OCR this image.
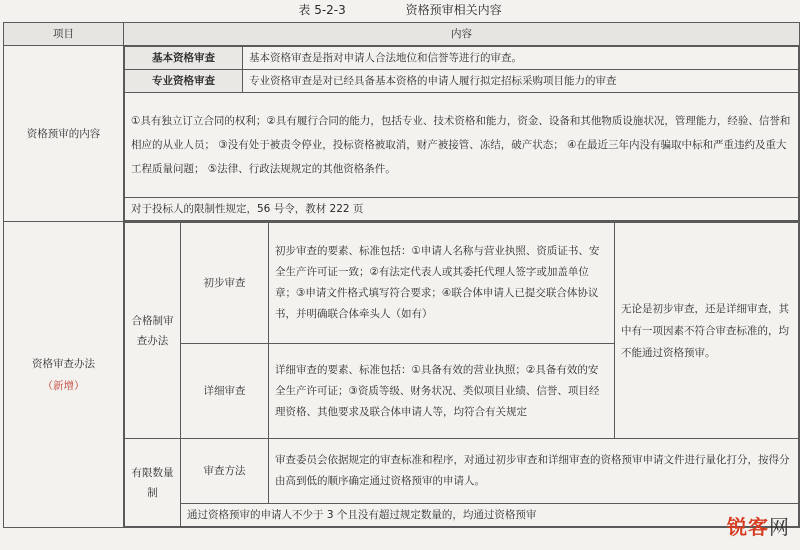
表 5-2-3	资格预审相关内容
项目	内容
资格预审的内容	
基本资格审查	基本资格审查是指对申请人合法地位和信誉等进行的审查。
专业资格审查	专业资格审查是对已经具备基本资格的申请人履行拟定招标采购项目能力的审查
①具有独立订立合同的权利；②具有履行合同的能力，包括专业、技术资格和能力，资金、设备和其他物质设施状况，管理能力，经验、信誉和相应的从业人员； ③没有处于被责令停业，投标资格被取消，财产被接管、冻结，破产状态； ④在最近三年内没有骗取中标和严重违约及重大工程质量问题； ⑤法律、行政法规规定的其他资格条件。
对于投标人的限制性规定，56 号令，教材 222 页

资格审查办法
（新增）

合格制审查办法	初步审查	初步审查的要素、标准包括：①申请人名称与营业执照、资质证书、安全生产许可证一致；②有法定代表人或其委托代理人签字或加盖单位章；③申请文件格式填写符合要求；④联合体申请人已提交联合体协议书，并明确联合体牵头人（如有）	无论是初步审查，还是详细审查，其中有一项因素不符合审查标准的，均不能通过资格预审。
详细审查	详细审查的要素、标准包括：①具备有效的营业执照；②具备有效的安全生产许可证；③资质等级、财务状况、类似项目业绩、信誉、项目经理资格、其他要求及联合体申请人等，均符合有关规定
有限数量制	审查方法	审查委员会依据规定的审查标准和程序，对通过初步审查和详细审查的资格预审申请文件进行量化打分，按得分由高到低的顺序确定通过资格预审的申请人。
通过资格预审的申请人不少于 3 个且没有超过规定数量的，均通过资格预审	锐客网
